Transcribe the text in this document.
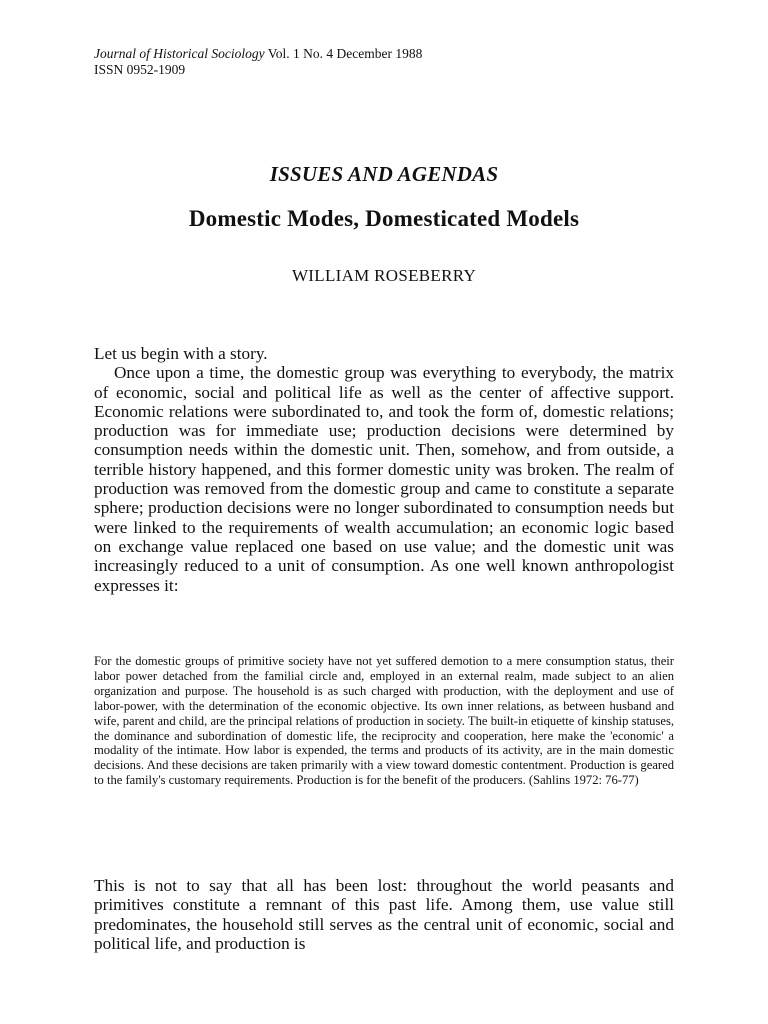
Journal of Historical Sociology Vol. 1 No. 4 December 1988
ISSN 0952-1909
ISSUES AND AGENDAS
Domestic Modes, Domesticated Models
WILLIAM ROSEBERRY

Let us begin with a story.

Once upon a time, the domestic group was everything to everybody, the matrix of economic, social and political life as well as the center of affective support. Economic relations were subordinated to, and took the form of, domestic relations; production was for immediate use; production decisions were determined by consumption needs within the domestic unit. Then, somehow, and from outside, a terrible history happened, and this former domestic unity was broken. The realm of production was removed from the domestic group and came to constitute a separate sphere; production decisions were no longer subordinated to consumption needs but were linked to the requirements of wealth accumulation; an economic logic based on exchange value replaced one based on use value; and the domestic unit was increasingly reduced to a unit of consumption. As one well known anthropologist expresses it:

For the domestic groups of primitive society have not yet suffered demotion to a mere consumption status, their labor power detached from the familial circle and, employed in an external realm, made subject to an alien organization and purpose. The household is as such charged with production, with the deployment and use of labor-power, with the determination of the economic objective. Its own inner relations, as between husband and wife, parent and child, are the principal relations of production in society. The built-in etiquette of kinship statuses, the dominance and subordination of domestic life, the reciprocity and cooperation, here make the 'economic' a modality of the intimate. How labor is expended, the terms and products of its activity, are in the main domestic decisions. And these decisions are taken primarily with a view toward domestic contentment. Production is geared to the family's customary requirements. Production is for the benefit of the producers. (Sahlins 1972: 76-77)

This is not to say that all has been lost: throughout the world peasants and primitives constitute a remnant of this past life. Among them, use value still predominates, the household still serves as the central unit of economic, social and political life, and production is
